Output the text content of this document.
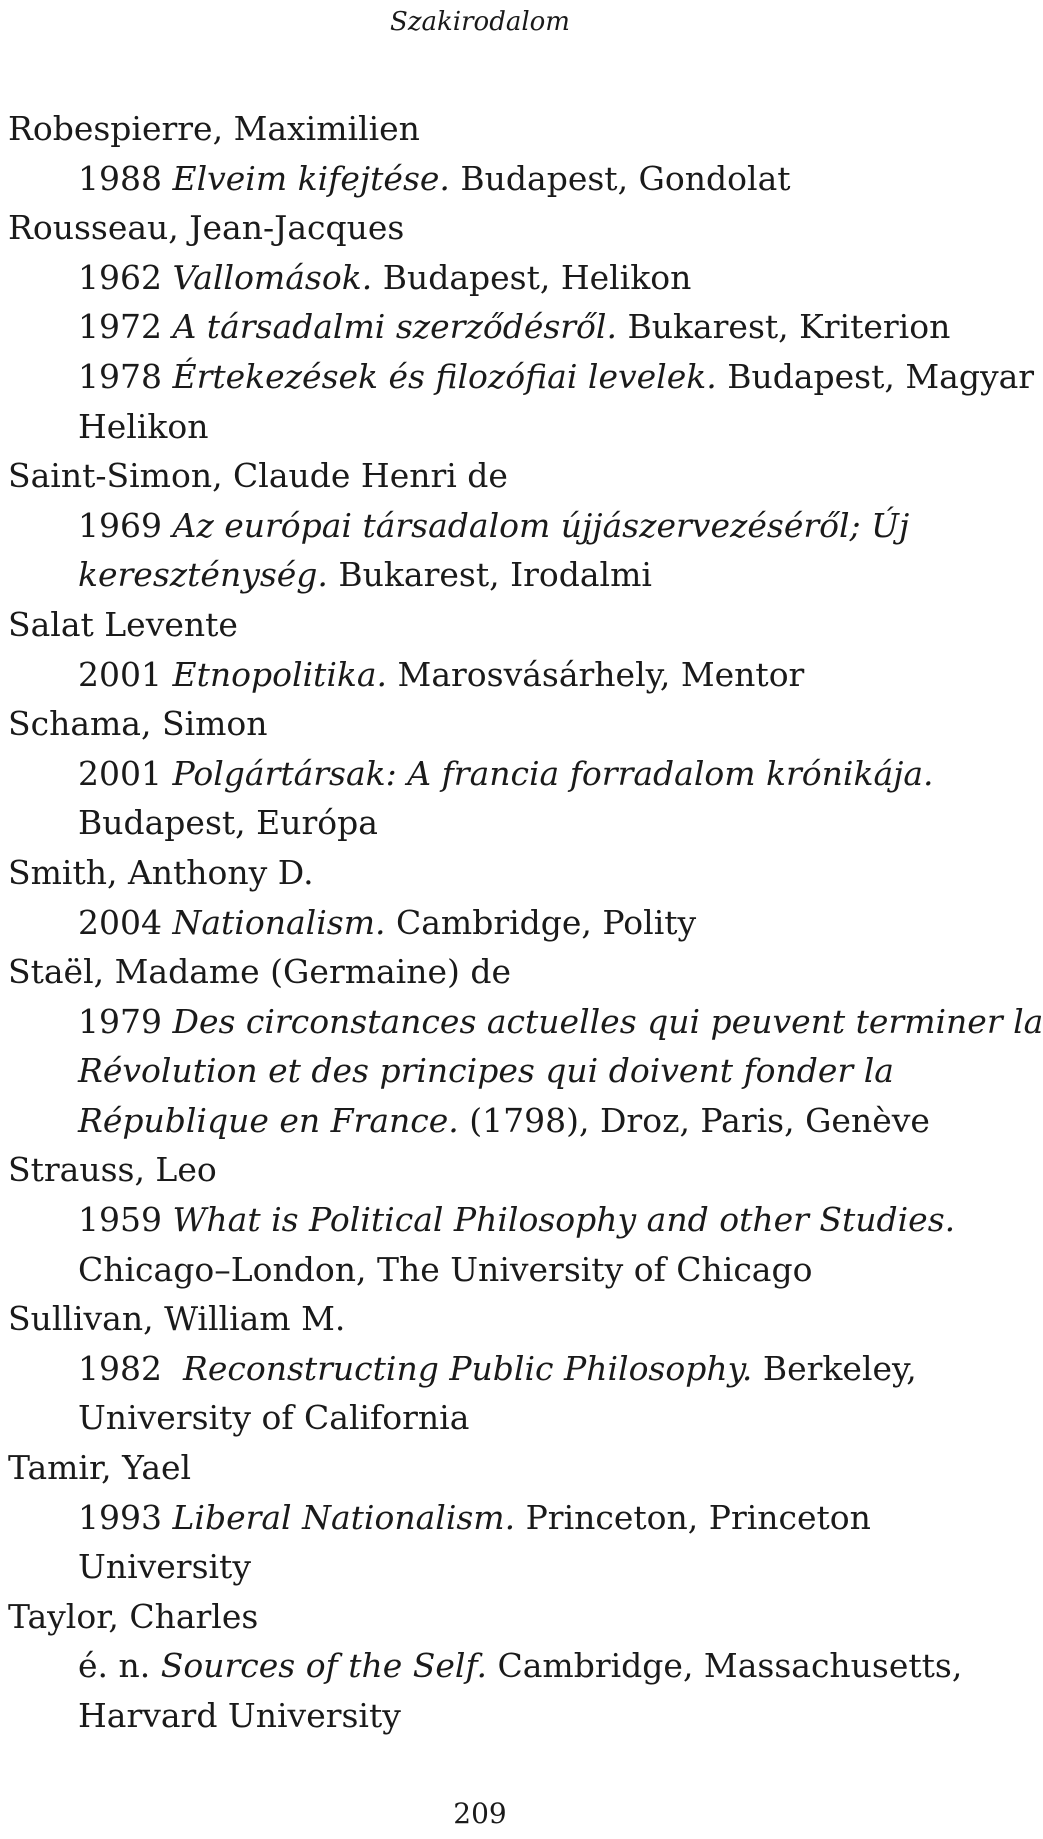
Szakirodalom
Robespierre, Maximilien
1988 Elveim kifejtése. Budapest, Gondolat
Rousseau, Jean-Jacques
1962 Vallomások. Budapest, Helikon
1972 A társadalmi szerződésről. Bukarest, Kriterion
1978 Értekezések és filozófiai levelek. Budapest, Magyar
Helikon
Saint-Simon, Claude Henri de
1969 Az európai társadalom újjászervezéséről; Új
kereszténység. Bukarest, Irodalmi
Salat Levente
2001 Etnopolitika. Marosvásárhely, Mentor
Schama, Simon
2001 Polgártársak: A francia forradalom krónikája.
Budapest, Európa
Smith, Anthony D.
2004 Nationalism. Cambridge, Polity
Staël, Madame (Germaine) de
1979 Des circonstances actuelles qui peuvent terminer la
Révolution et des principes qui doivent fonder la
République en France. (1798), Droz, Paris, Genève
Strauss, Leo
1959 What is Political Philosophy and other Studies.
Chicago–London, The University of Chicago
Sullivan, William M.
1982  Reconstructing Public Philosophy. Berkeley,
University of California
Tamir, Yael
1993 Liberal Nationalism. Princeton, Princeton
University
Taylor, Charles
é. n. Sources of the Self. Cambridge, Massachusetts,
Harvard University
209
